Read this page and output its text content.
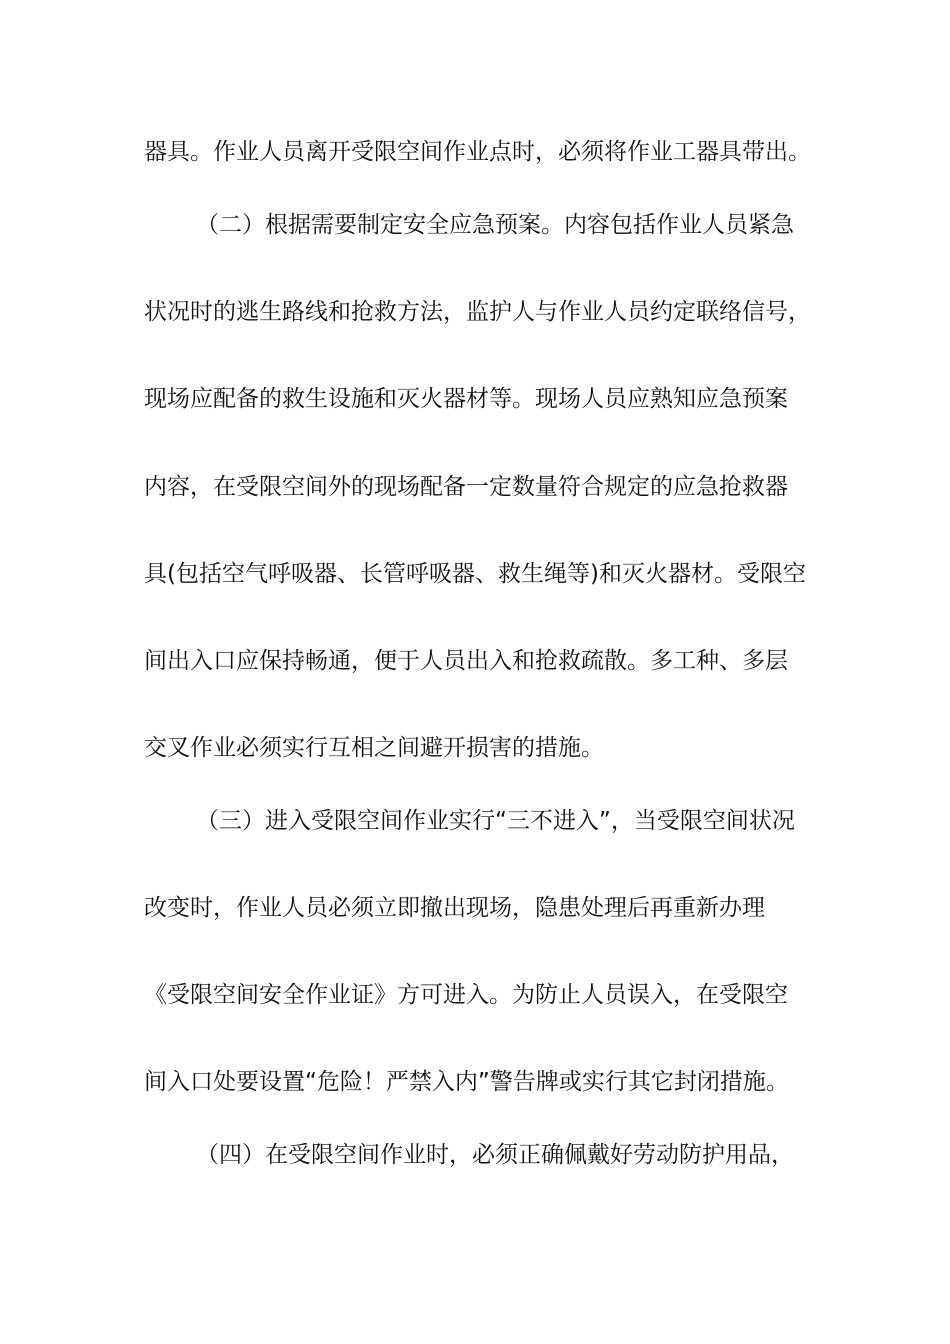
器具。作业人员离开受限空间作业点时，必须将作业工器具带出。
（二）根据需要制定安全应急预案。内容包括作业人员紧急
状况时的逃生路线和抢救方法，监护人与作业人员约定联络信号，
现场应配备的救生设施和灭火器材等。现场人员应熟知应急预案
内容，在受限空间外的现场配备一定数量符合规定的应急抢救器
具(包括空气呼吸器、长管呼吸器、救生绳等)和灭火器材。受限空
间出入口应保持畅通，便于人员出入和抢救疏散。多工种、多层
交叉作业必须实行互相之间避开损害的措施。
（三）进入受限空间作业实行“三不进入”，当受限空间状况
改变时，作业人员必须立即撤出现场，隐患处理后再重新办理
《受限空间安全作业证》方可进入。为防止人员误入，在受限空
间入口处要设置“危险！严禁入内”警告牌或实行其它封闭措施。
（四）在受限空间作业时，必须正确佩戴好劳动防护用品，
